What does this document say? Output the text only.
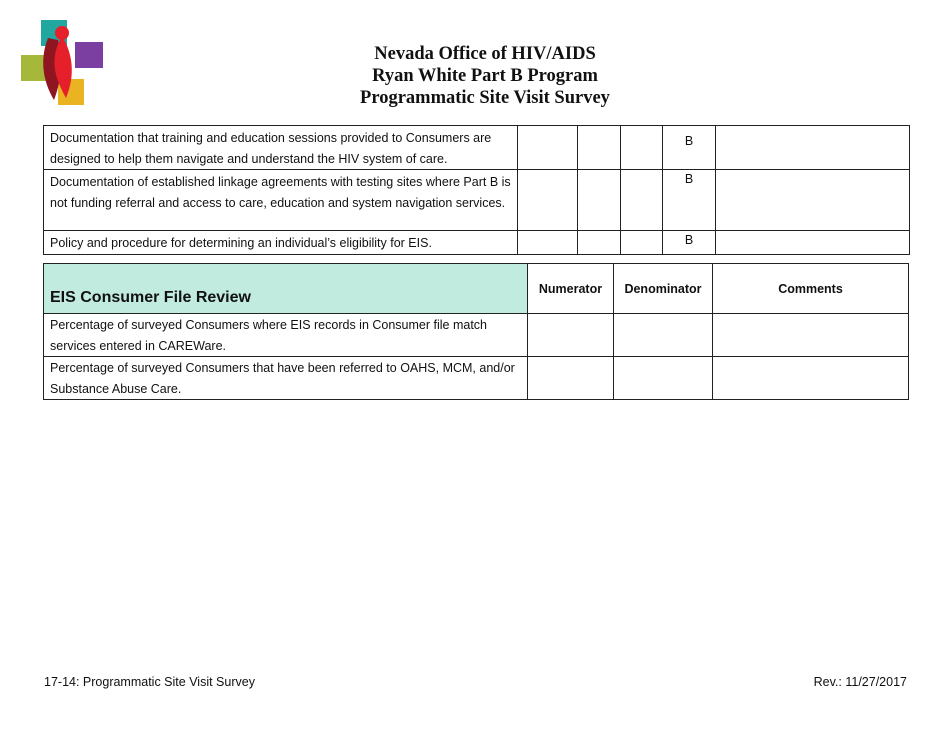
Nevada Office of HIV/AIDS
Ryan White Part B Program
Programmatic Site Visit Survey
Documentation that training and education sessions provided to Consumers are designed to help them navigate and understand the HIV system of care.				B	
Documentation of established linkage agreements with testing sites where Part B is not funding referral and access to care, education and system navigation services.				B	
Policy and procedure for determining an individual’s eligibility for EIS.				B	
EIS Consumer File Review	Numerator	Denominator	Comments
Percentage of surveyed Consumers where EIS records in Consumer file match services entered in CAREWare.			
Percentage of surveyed Consumers that have been referred to OAHS, MCM, and/or Substance Abuse Care.			
17-14: Programmatic Site Visit Survey	Rev.: 11/27/2017
